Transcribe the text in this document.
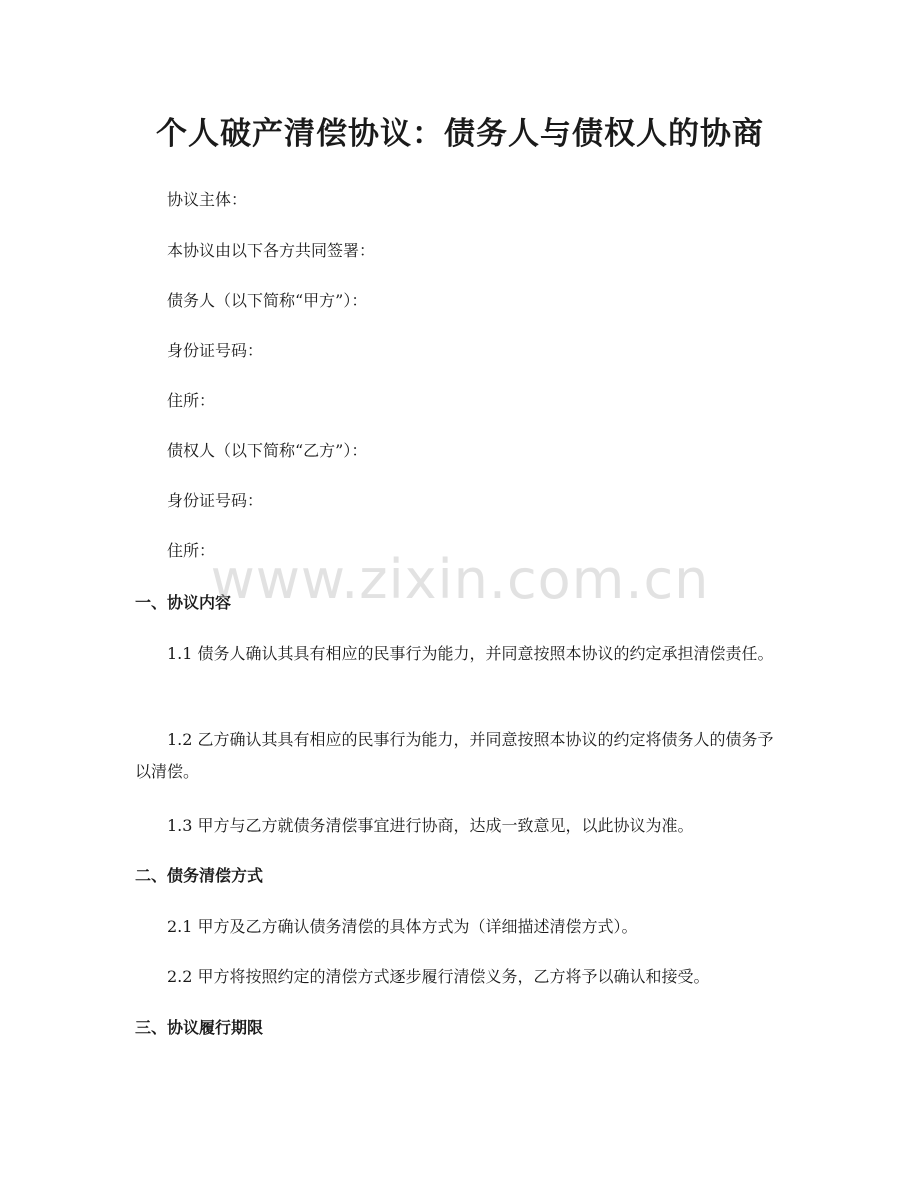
个人破产清偿协议：债务人与债权人的协商

协议主体：

本协议由以下各方共同签署：

债务人（以下简称“甲方”）：

身份证号码：

住所：

债权人（以下简称“乙方”）：

身份证号码：

住所：

一、协议内容

1.1 债务人确认其具有相应的民事行为能力，并同意按照本协议的约定承担清偿责任。

1.2 乙方确认其具有相应的民事行为能力，并同意按照本协议的约定将债务人的债务予以清偿。

1.3 甲方与乙方就债务清偿事宜进行协商，达成一致意见，以此协议为准。

二、债务清偿方式

2.1 甲方及乙方确认债务清偿的具体方式为（详细描述清偿方式）。

2.2 甲方将按照约定的清偿方式逐步履行清偿义务，乙方将予以确认和接受。

三、协议履行期限
www.zixin.com.cn
